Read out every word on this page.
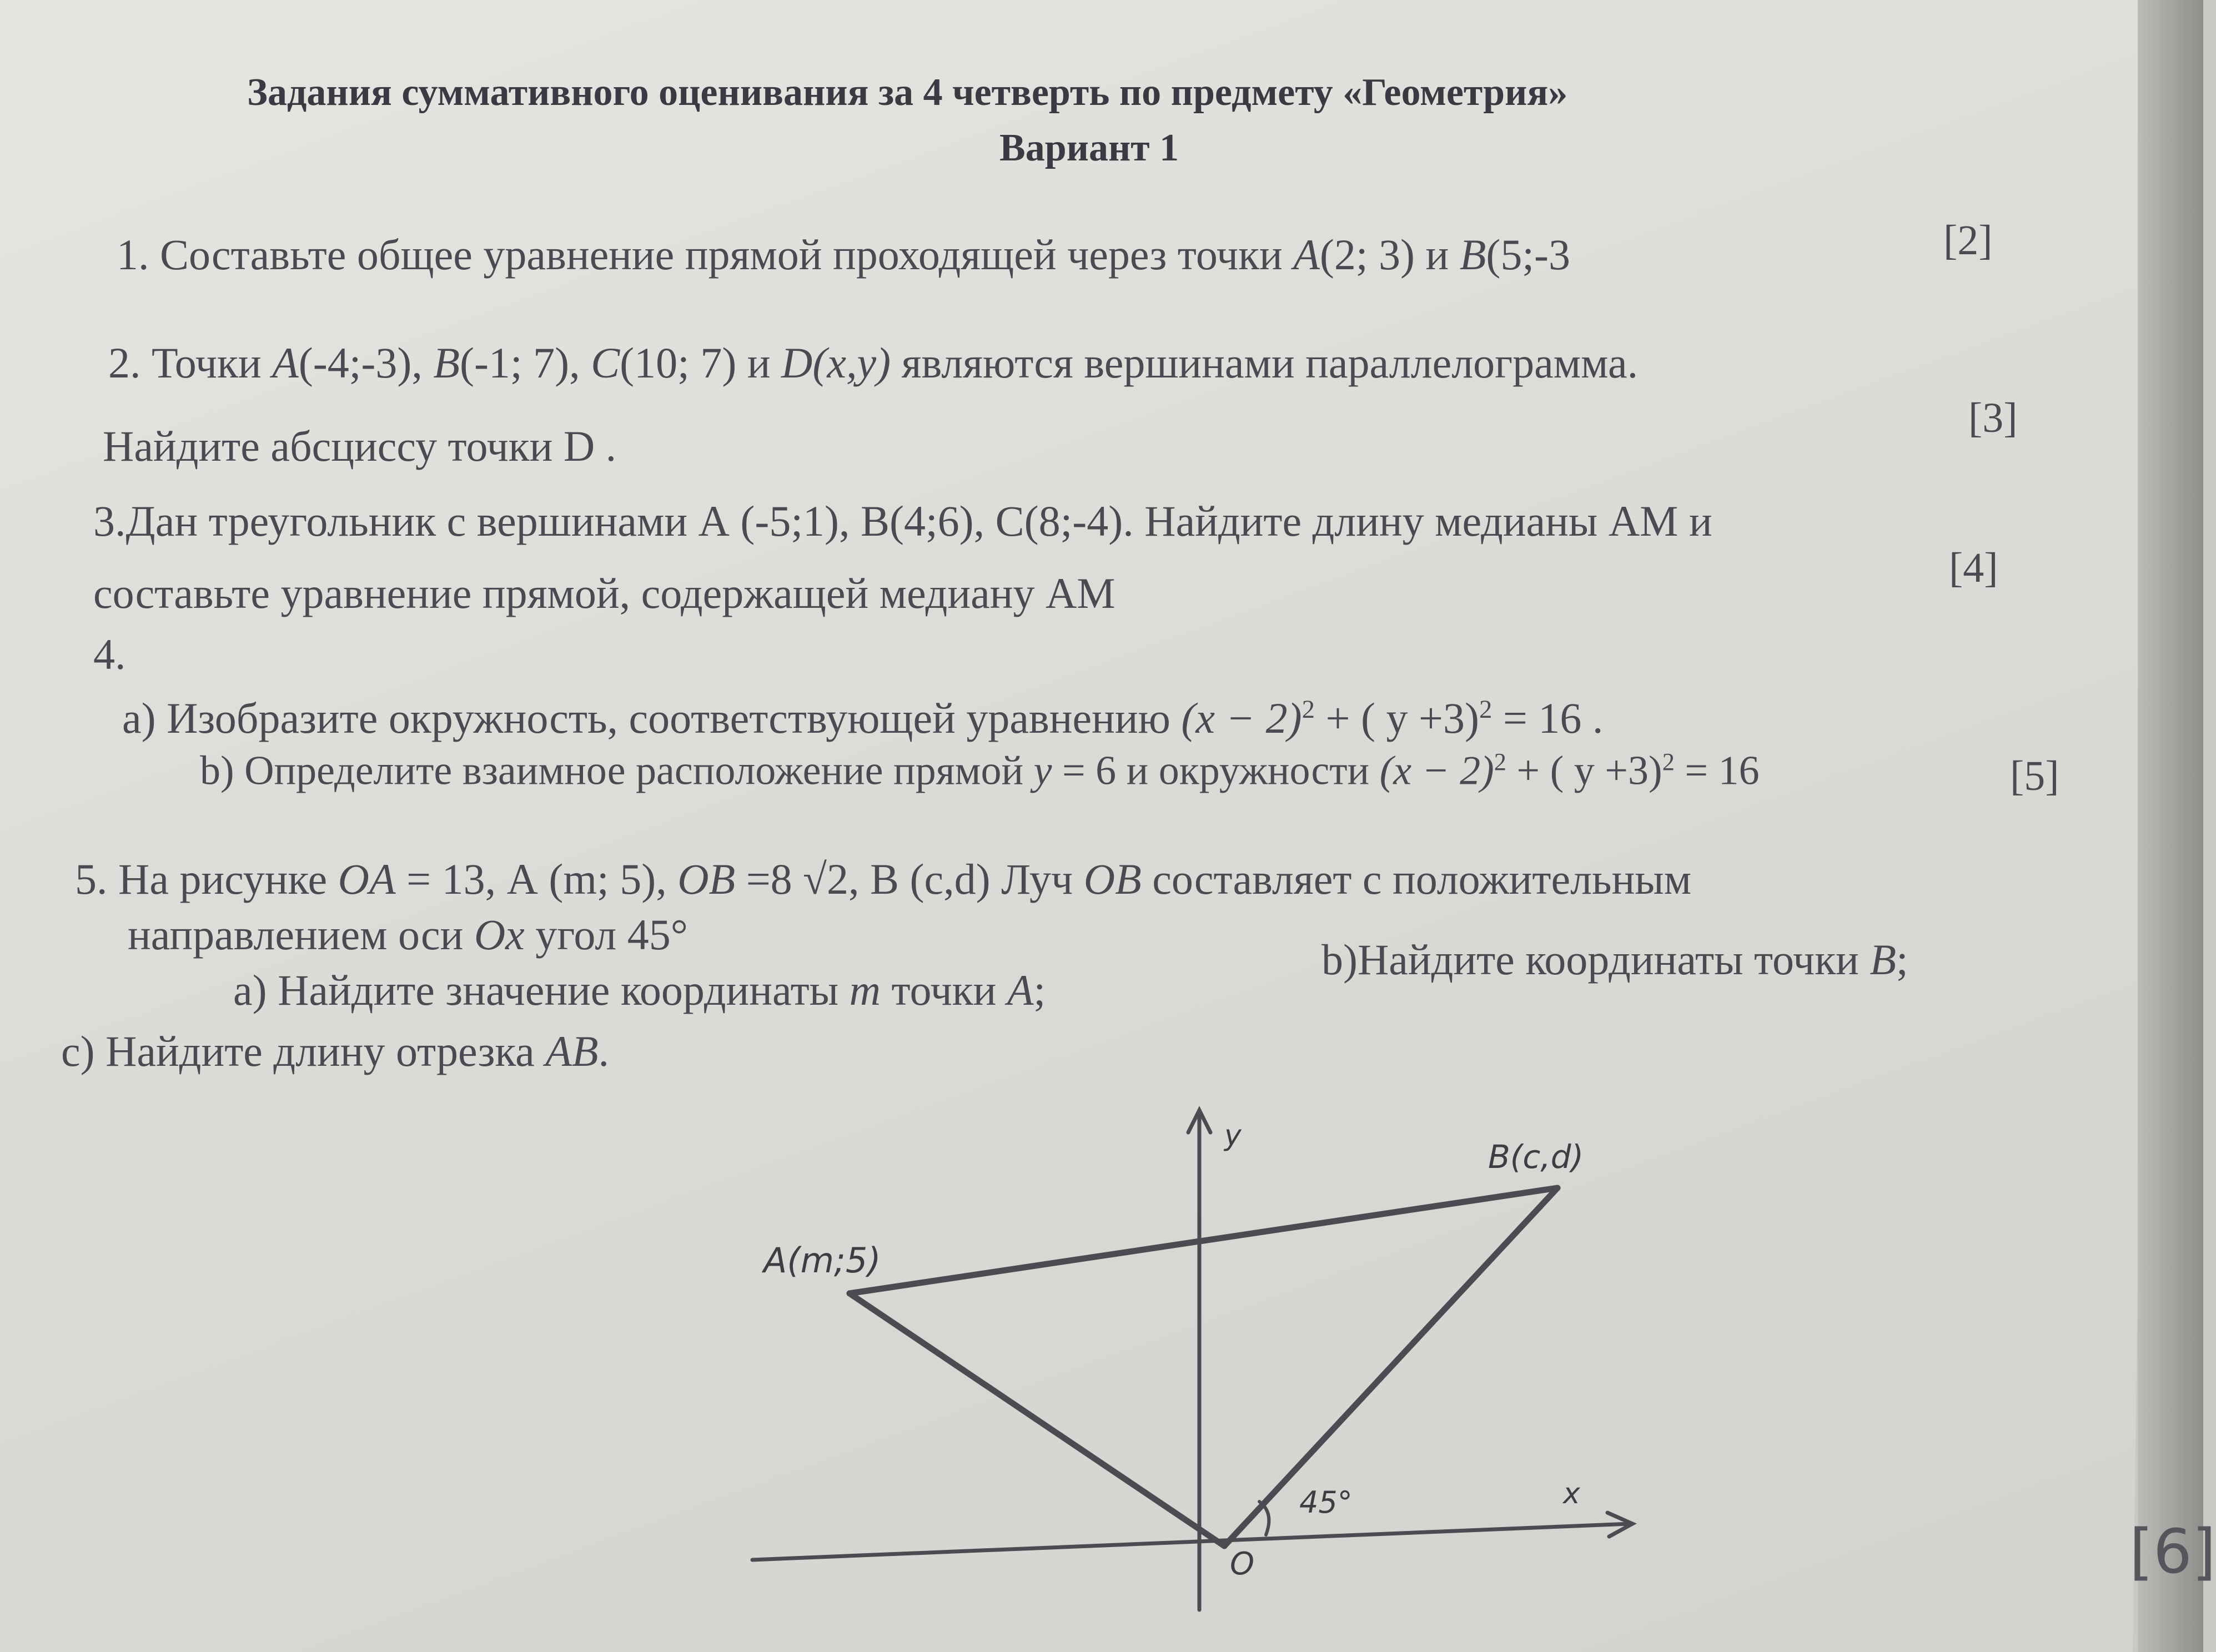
Задания суммативного оценивания за 4 четверть по предмету «Геометрия»
Вариант 1
1. Составьте общее уравнение прямой проходящей через точки A(2; 3) и B(5;-3	[2]
2. Точки A(-4;-3), B(-1; 7), C(10; 7) и D(x,y) являются вершинами параллелограмма.
Найдите абсциссу точки D .
[3]
3.Дан треугольник с вершинами А (-5;1), В(4;6), С(8;-4). Найдите длину медианы АМ и
составьте уравнение прямой, содержащей медиану АМ
[4]
4.
a) Изобразите окружность, соответствующей уравнению $(x - 2)^2$ + ( y +3)$^2$ = 16 .
b) Определите взаимное расположение прямой y = 6 и окружности $(x - 2)^2$ + ( y +3)$^2$ = 16	[5]
5. На рисунке OA = 13, А (m; 5), OB =8 √2, В (c,d) Луч OB составляет с положительным
направлением оси Ox угол 45°
a) Найдите значение координаты m точки A;
b)Найдите координаты точки B;
c) Найдите длину отрезка AB.
A(m;5)
B(c,d)
y
x
O
45°
[6]
